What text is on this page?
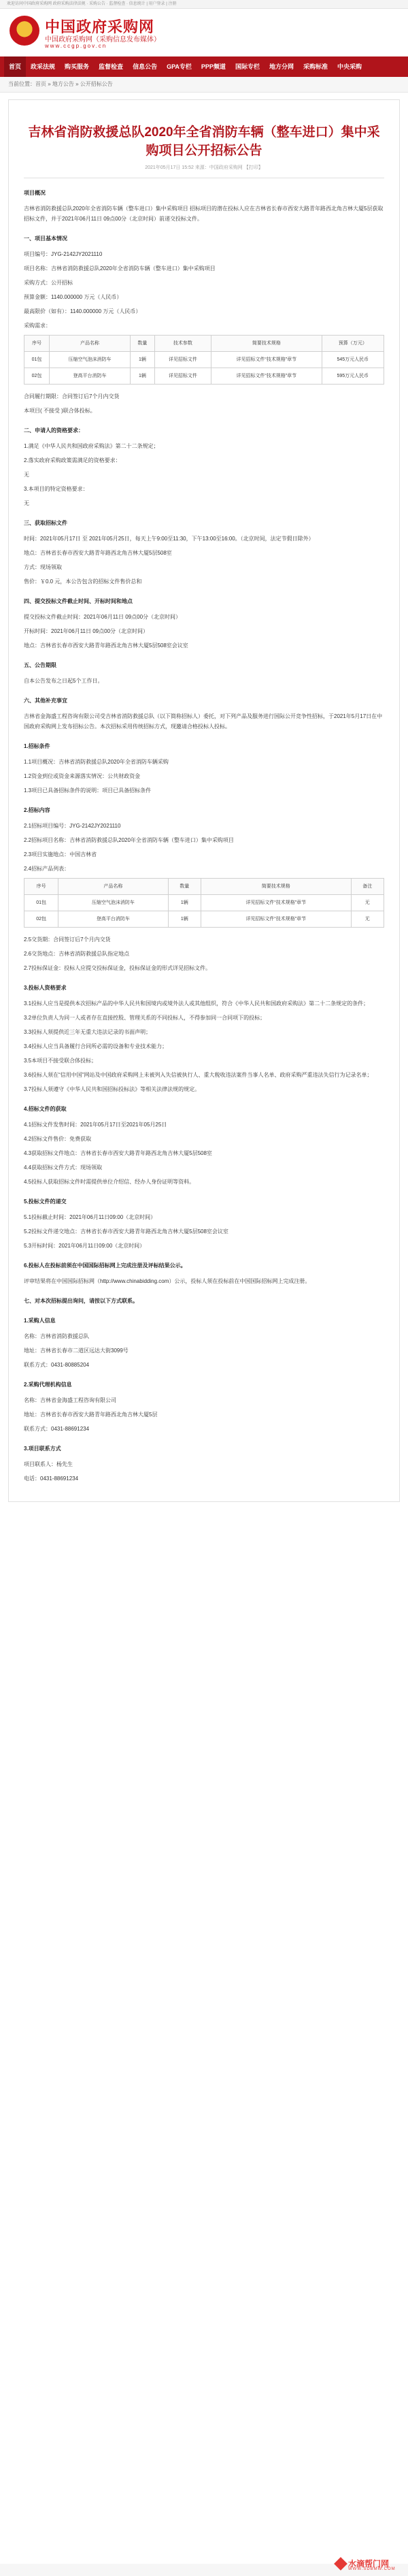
欢迎访问中国政府采购网 政府采购法律法规 · 采购公告 · 监督检查 · 信息统计 | 用户登录 | 注册
中国政府采购网
中国政府采购网（采购信息发布媒体）
www.ccgp.gov.cn
首页	政采法规	购买服务	监督检查	信息公告	GPA专栏	PPP频道	国际专栏	地方分网	采购标准	中央采购
当前位置：首页 » 地方公告 » 公开招标公告
吉林省消防救援总队2020年全省消防车辆（整车进口）集中采购项目公开招标公告
2021年05月17日 15:52 来源：中国政府采购网 【打印】

项目概况

吉林省消防救援总队2020年全省消防车辆（整车进口）集中采购项目 招标项目的潜在投标人应在吉林省长春市西安大路青年路西北角吉林大厦5层获取招标文件，并于2021年06月11日 09点00分（北京时间）前递交投标文件。

一、项目基本情况

项目编号：JYG-2142JY2021110

项目名称：吉林省消防救援总队2020年全省消防车辆（整车进口）集中采购项目

采购方式：公开招标

预算金额：1140.000000 万元（人民币）

最高限价（如有）：1140.000000 万元（人民币）

采购需求：

序号	产品名称	数量	技术参数	简要技术规格	预算（万元）
01包	压缩空气泡沫消防车	1辆	详见招标文件	详见招标文件“技术规格”章节	545万元人民币
02包	登高平台消防车	1辆	详见招标文件	详见招标文件“技术规格”章节	595万元人民币

合同履行期限：合同签订后7个月内交货

本项目( 不接受 )联合体投标。

二、申请人的资格要求：

1.满足《中华人民共和国政府采购法》第二十二条规定；

2.落实政府采购政策需满足的资格要求：

无

3.本项目的特定资格要求：

无

三、获取招标文件

时间：2021年05月17日 至 2021年05月25日，每天上午9:00至11:30，下午13:00至16:00。（北京时间，法定节假日除外）

地点：吉林省长春市西安大路青年路西北角吉林大厦5层508室

方式：现场领取

售价：￥0.0 元，本公告包含的招标文件售价总和

四、提交投标文件截止时间、开标时间和地点

提交投标文件截止时间：2021年06月11日 09点00分（北京时间）

开标时间：2021年06月11日 09点00分（北京时间）

地点：吉林省长春市西安大路青年路西北角吉林大厦5层508室会议室

五、公告期限

自本公告发布之日起5个工作日。

六、其他补充事宜

吉林省金海盛工程咨询有限公司受吉林省消防救援总队（以下简称招标人）委托，对下列产品及服务进行国际公开竞争性招标，于2021年5月17日在中国政府采购网上发布招标公告。本次招标采用传统招标方式，现邀请合格投标人投标。

1.招标条件

1.1项目概况：吉林省消防救援总队2020年全省消防车辆采购

1.2资金到位或资金来源落实情况：公共财政资金

1.3项目已具备招标条件的说明：项目已具备招标条件

2.招标内容

2.1招标项目编号：JYG-2142JY2021110

2.2招标项目名称：吉林省消防救援总队2020年全省消防车辆（整车进口）集中采购项目

2.3项目实施地点：中国吉林省

2.4招标产品列表：

序号	产品名称	数量	简要技术规格	备注
01包	压缩空气泡沫消防车	1辆	详见招标文件“技术规格”章节	无
02包	登高平台消防车	1辆	详见招标文件“技术规格”章节	无

2.5交货期：合同签订后7个月内交货

2.6交货地点：吉林省消防救援总队指定地点

2.7投标保证金：投标人应提交投标保证金，投标保证金的形式详见招标文件。

3.投标人资格要求

3.1投标人应当是提供本次招标产品的中华人民共和国境内或境外法人或其他组织，符合《中华人民共和国政府采购法》第二十二条规定的条件；

3.2单位负责人为同一人或者存在直接控股、管理关系的不同投标人，不得参加同一合同项下的投标；

3.3投标人须提供近三年无重大违法记录的书面声明；

3.4投标人应当具备履行合同所必需的设备和专业技术能力；

3.5本项目不接受联合体投标；

3.6投标人须在“信用中国”网站及中国政府采购网上未被列入失信被执行人、重大税收违法案件当事人名单、政府采购严重违法失信行为记录名单；

3.7投标人须遵守《中华人民共和国招标投标法》等相关法律法规的规定。

4.招标文件的获取

4.1招标文件发售时间：2021年05月17日至2021年05月25日

4.2招标文件售价：免费获取

4.3获取招标文件地点：吉林省长春市西安大路青年路西北角吉林大厦5层508室

4.4获取招标文件方式：现场领取

4.5投标人获取招标文件时需提供单位介绍信、经办人身份证明等资料。

5.投标文件的递交

5.1投标截止时间：2021年06月11日09:00（北京时间）

5.2投标文件递交地点：吉林省长春市西安大路青年路西北角吉林大厦5层508室会议室

5.3开标时间：2021年06月11日09:00（北京时间）

6.投标人在投标前须在中国国际招标网上完成注册及评标结果公示。

评审结果将在中国国际招标网（http://www.chinabidding.com）公示，投标人须在投标前在中国国际招标网上完成注册。

七、对本次招标提出询问，请按以下方式联系。

1.采购人信息

名称：吉林省消防救援总队

地址：吉林省长春市二道区远达大街3099号

联系方式：0431-80885204

2.采购代理机构信息

名称：吉林省金海盛工程咨询有限公司

地址：吉林省长春市西安大路青年路西北角吉林大厦5层

联系方式：0431-88691234

3.项目联系方式

项目联系人：杨先生

电话：0431-88691234

水滴帮门网
WWW.SDBMW.COM
